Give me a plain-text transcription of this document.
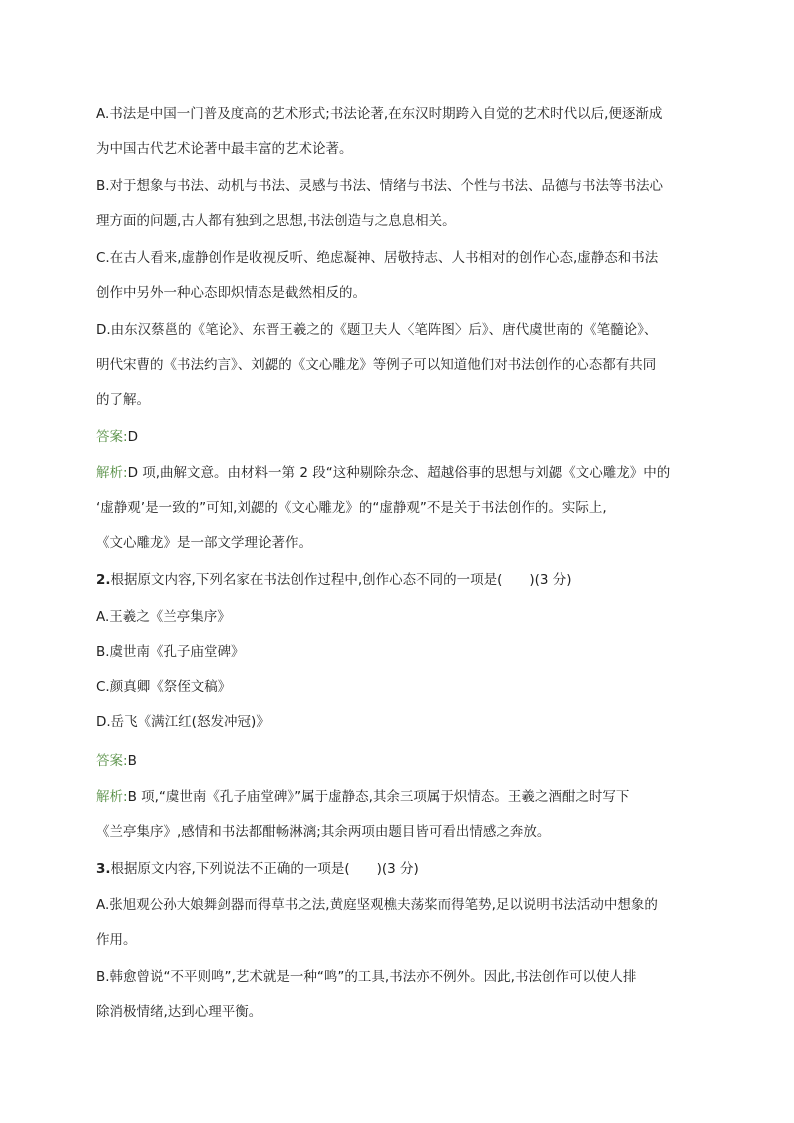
A.书法是中国一门普及度高的艺术形式;书法论著,在东汉时期跨入自觉的艺术时代以后,便逐渐成

为中国古代艺术论著中最丰富的艺术论著。

B.对于想象与书法、动机与书法、灵感与书法、情绪与书法、个性与书法、品德与书法等书法心

理方面的问题,古人都有独到之思想,书法创造与之息息相关。

C.在古人看来,虚静创作是收视反听、绝虑凝神、居敬持志、人书相对的创作心态,虚静态和书法

创作中另外一种心态即炽情态是截然相反的。

D.由东汉蔡邕的《笔论》、东晋王羲之的《题卫夫人〈笔阵图〉后》、唐代虞世南的《笔髓论》、

明代宋曹的《书法约言》、刘勰的《文心雕龙》等例子可以知道他们对书法创作的心态都有共同

的了解。

答案:D

解析:D 项,曲解文意。由材料一第 2 段“这种剔除杂念、超越俗事的思想与刘勰《文心雕龙》中的

‘虚静观’是一致的”可知,刘勰的《文心雕龙》的“虚静观”不是关于书法创作的。实际上,

《文心雕龙》是一部文学理论著作。

2.根据原文内容,下列名家在书法创作过程中,创作心态不同的一项是(　　)(3 分)

A.王羲之《兰亭集序》

B.虞世南《孔子庙堂碑》

C.颜真卿《祭侄文稿》

D.岳飞《满江红(怒发冲冠)》

答案:B

解析:B 项,“虞世南《孔子庙堂碑》”属于虚静态,其余三项属于炽情态。王羲之酒酣之时写下

《兰亭集序》,感情和书法都酣畅淋漓;其余两项由题目皆可看出情感之奔放。

3.根据原文内容,下列说法不正确的一项是(　　)(3 分)

A.张旭观公孙大娘舞剑器而得草书之法,黄庭坚观樵夫荡桨而得笔势,足以说明书法活动中想象的

作用。

B.韩愈曾说“不平则鸣”,艺术就是一种“鸣”的工具,书法亦不例外。因此,书法创作可以使人排

除消极情绪,达到心理平衡。
